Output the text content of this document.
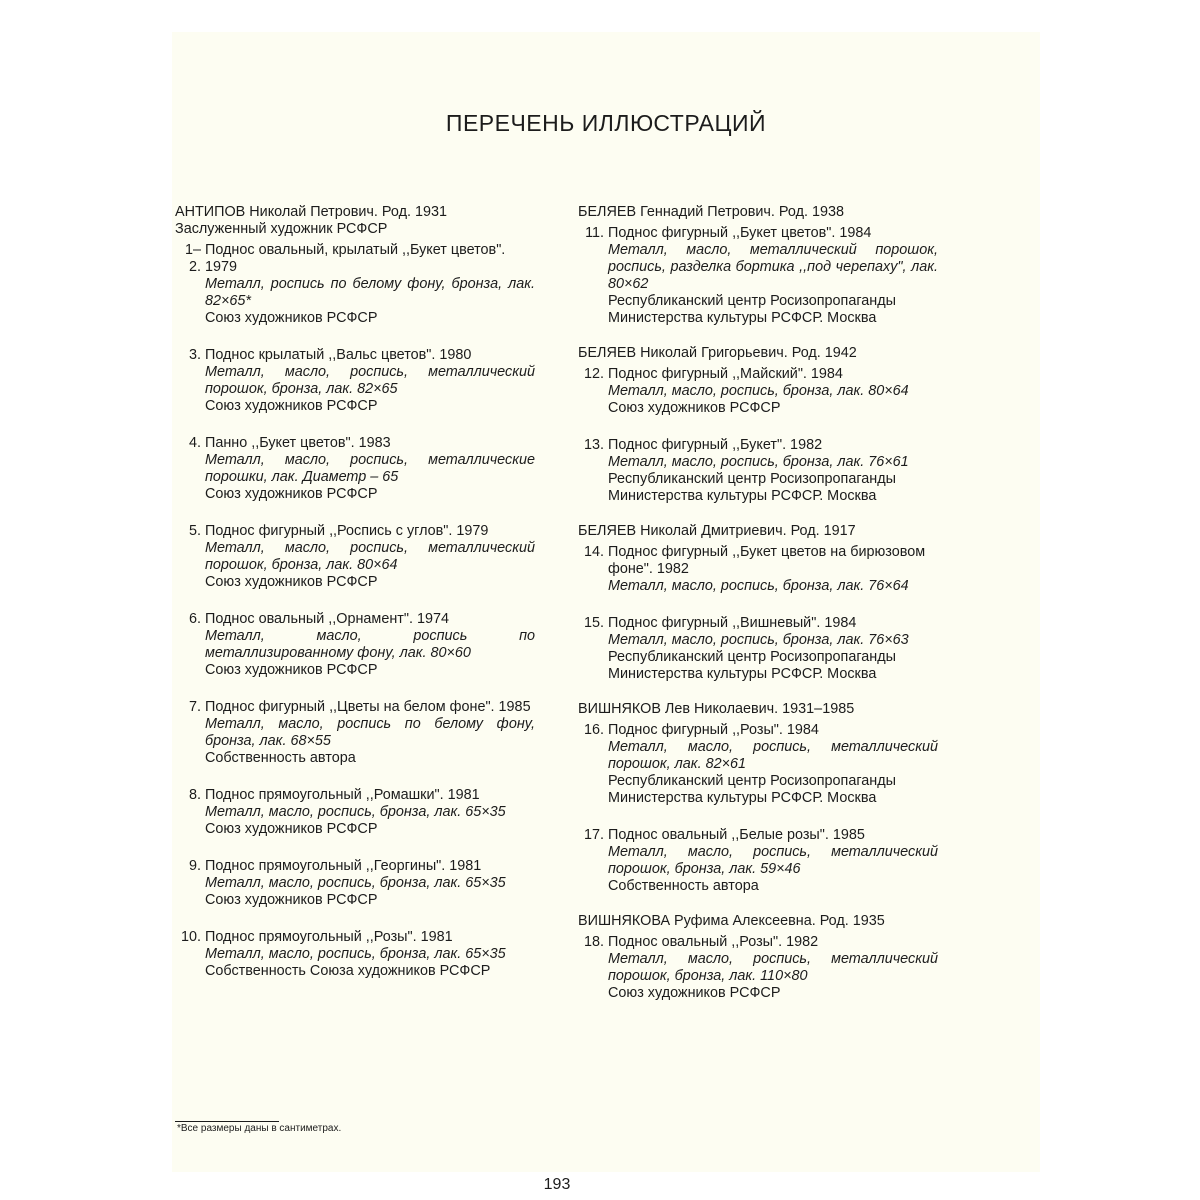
ПЕРЕЧЕНЬ ИЛЛЮСТРАЦИЙ

АНТИПОВ Николай Петрович. Род. 1931

Заслуженный художник РСФСР

1–2.
Поднос овальный, крылатый ,,Букет цветов". 1979
Металл, роспись по белому фону, бронза, лак. 82×65*
Союз художников РСФСР
3. Поднос крылатый ,,Вальс цветов". 1980
Металл, масло, роспись, металлический порошок, бронза, лак. 82×65
Союз художников РСФСР
4. Панно ,,Букет цветов". 1983
Металл, масло, роспись, металлические порошки, лак. Диаметр – 65
Союз художников РСФСР
5. Поднос фигурный ,,Роспись с углов". 1979
Металл, масло, роспись, металлический порошок, бронза, лак. 80×64
Союз художников РСФСР
6. Поднос овальный ,,Орнамент". 1974
Металл, масло, роспись по металлизированному фону, лак. 80×60
Союз художников РСФСР
7. Поднос фигурный ,,Цветы на белом фоне". 1985
Металл, масло, роспись по белому фону, бронза, лак. 68×55
Собственность автора
8. Поднос прямоугольный ,,Ромашки". 1981
Металл, масло, роспись, бронза, лак. 65×35
Союз художников РСФСР
9. Поднос прямоугольный ,,Георгины". 1981
Металл, масло, роспись, бронза, лак. 65×35
Союз художников РСФСР
10. Поднос прямоугольный ,,Розы". 1981
Металл, масло, роспись, бронза, лак. 65×35
Собственность Союза художников РСФСР

БЕЛЯЕВ Геннадий Петрович. Род. 1938

11. Поднос фигурный ,,Букет цветов". 1984
Металл, масло, металлический порошок, роспись, разделка бортика ,,под черепаху", лак. 80×62
Республиканский центр Росизопропаганды Министерства культуры РСФСР. Москва

БЕЛЯЕВ Николай Григорьевич. Род. 1942

12. Поднос фигурный ,,Майский". 1984
Металл, масло, роспись, бронза, лак. 80×64
Союз художников РСФСР
13. Поднос фигурный ,,Букет". 1982
Металл, масло, роспись, бронза, лак. 76×61
Республиканский центр Росизопропаганды Министерства культуры РСФСР. Москва

БЕЛЯЕВ Николай Дмитриевич. Род. 1917

14. Поднос фигурный ,,Букет цветов на бирюзовом фоне". 1982
Металл, масло, роспись, бронза, лак. 76×64
15. Поднос фигурный ,,Вишневый". 1984
Металл, масло, роспись, бронза, лак. 76×63
Республиканский центр Росизопропаганды Министерства культуры РСФСР. Москва

ВИШНЯКОВ Лев Николаевич. 1931–1985

16. Поднос фигурный ,,Розы". 1984
Металл, масло, роспись, металлический порошок, лак. 82×61
Республиканский центр Росизопропаганды Министерства культуры РСФСР. Москва
17. Поднос овальный ,,Белые розы". 1985
Металл, масло, роспись, металлический порошок, бронза, лак. 59×46
Собственность автора

ВИШНЯКОВА Руфима Алексеевна. Род. 1935

18. Поднос овальный ,,Розы". 1982
Металл, масло, роспись, металлический порошок, бронза, лак. 110×80
Союз художников РСФСР
*Все размеры даны в сантиметрах.
193
